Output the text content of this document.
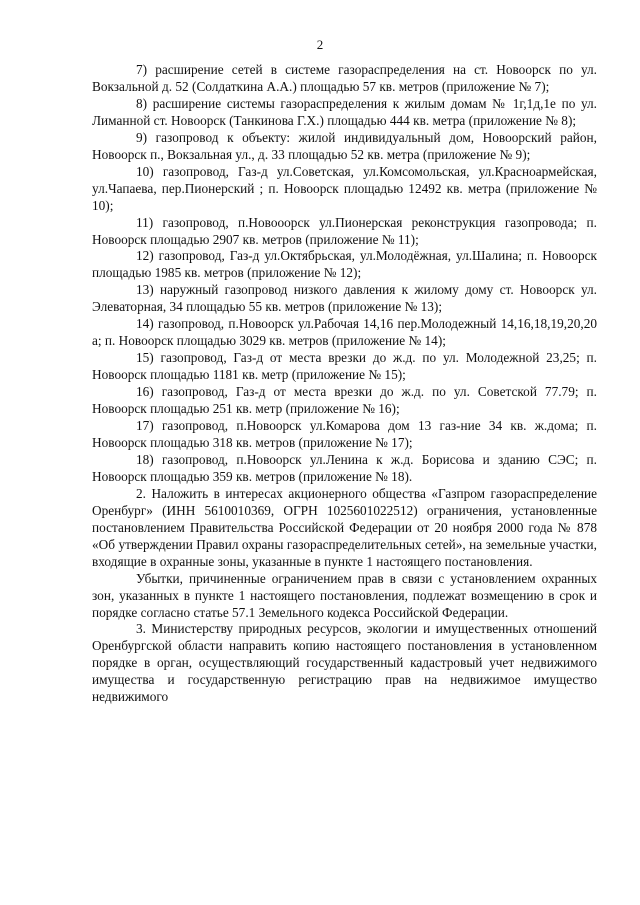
2

7) расширение сетей в системе газораспределения на ст. Новоорск по ул. Вокзальной д. 52 (Солдаткина А.А.) площадью 57 кв. метров (приложение № 7);

8) расширение системы газораспределения к жилым домам № 1г,1д,1е по ул. Лиманной ст. Новоорск (Танкинова Г.Х.) площадью 444 кв. метра (приложение № 8);

9) газопровод к объекту: жилой индивидуальный дом, Новоорский район, Новоорск п., Вокзальная ул., д. 33 площадью 52 кв. метра (приложение № 9);

10) газопровод, Газ-д ул.Советская, ул.Комсомольская, ул.Красноармейская, ул.Чапаева, пер.Пионерский ; п. Новоорск площадью 12492 кв. метра (приложение № 10);

11) газопровод, п.Новооорск ул.Пионерская реконструкция газопровода; п. Новоорск площадью 2907 кв. метров (приложение № 11);

12) газопровод, Газ-д ул.Октябрьская, ул.Молодёжная, ул.Шалина; п. Новоорск площадью 1985 кв. метров (приложение № 12);

13) наружный газопровод низкого давления к жилому дому ст. Новоорск ул. Элеваторная, 34 площадью 55 кв. метров (приложение № 13);

14) газопровод, п.Новоорск ул.Рабочая 14,16 пер.Молодежный 14,16,18,19,20,20 а; п. Новоорск площадью 3029 кв. метров (приложение № 14);

15) газопровод, Газ-д от места врезки до ж.д. по ул. Молодежной 23,25; п. Новоорск площадью 1181 кв. метр (приложение № 15);

16) газопровод, Газ-д от места врезки до ж.д. по ул. Советской 77.79; п. Новоорск площадью 251 кв. метр (приложение № 16);

17) газопровод, п.Новоорск ул.Комарова дом 13 газ-ние 34 кв. ж.дома; п. Новоорск площадью 318 кв. метров (приложение № 17);

18) газопровод, п.Новоорск ул.Ленина к ж.д. Борисова и зданию СЭС; п. Новоорск площадью 359 кв. метров (приложение № 18).

2. Наложить в интересах акционерного общества «Газпром газораспределение Оренбург» (ИНН 5610010369, ОГРН 1025601022512) ограничения, установленные постановлением Правительства Российской Федерации от 20 ноября 2000 года № 878 «Об утверждении Правил охраны газораспределительных сетей», на земельные участки, входящие в охранные зоны, указанные в пункте 1 настоящего постановления.

Убытки, причиненные ограничением прав в связи с установлением охранных зон, указанных в пункте 1 настоящего постановления, подлежат возмещению в срок и порядке согласно статье 57.1 Земельного кодекса Российской Федерации.

3. Министерству природных ресурсов, экологии и имущественных отношений Оренбургской области направить копию настоящего постановления в установленном порядке в орган, осуществляющий государственный кадастровый учет недвижимого имущества и государственную регистрацию прав на недвижимое имущество недвижимого
